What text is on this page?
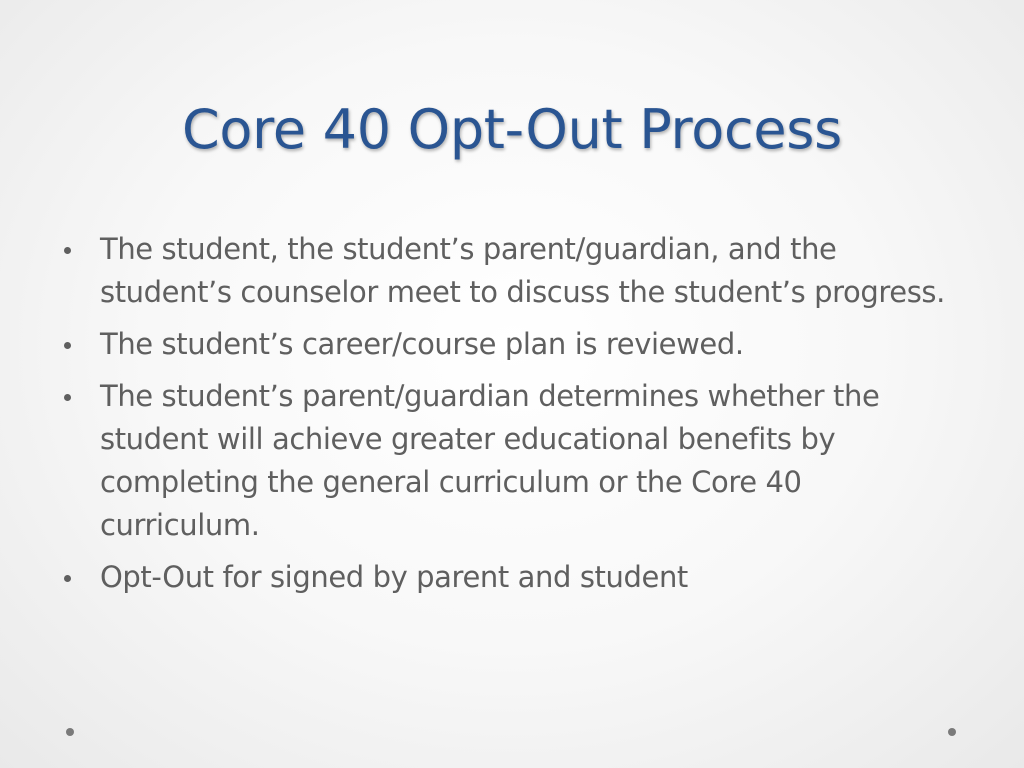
Core 40 Opt-Out Process
The student, the student’s parent/guardian, and the student’s counselor meet to discuss the student’s progress.
The student’s career/course plan is reviewed.
The student’s parent/guardian determines whether the student will achieve greater educational benefits by completing the general curriculum or the Core 40 curriculum.
Opt-Out for signed by parent and student
